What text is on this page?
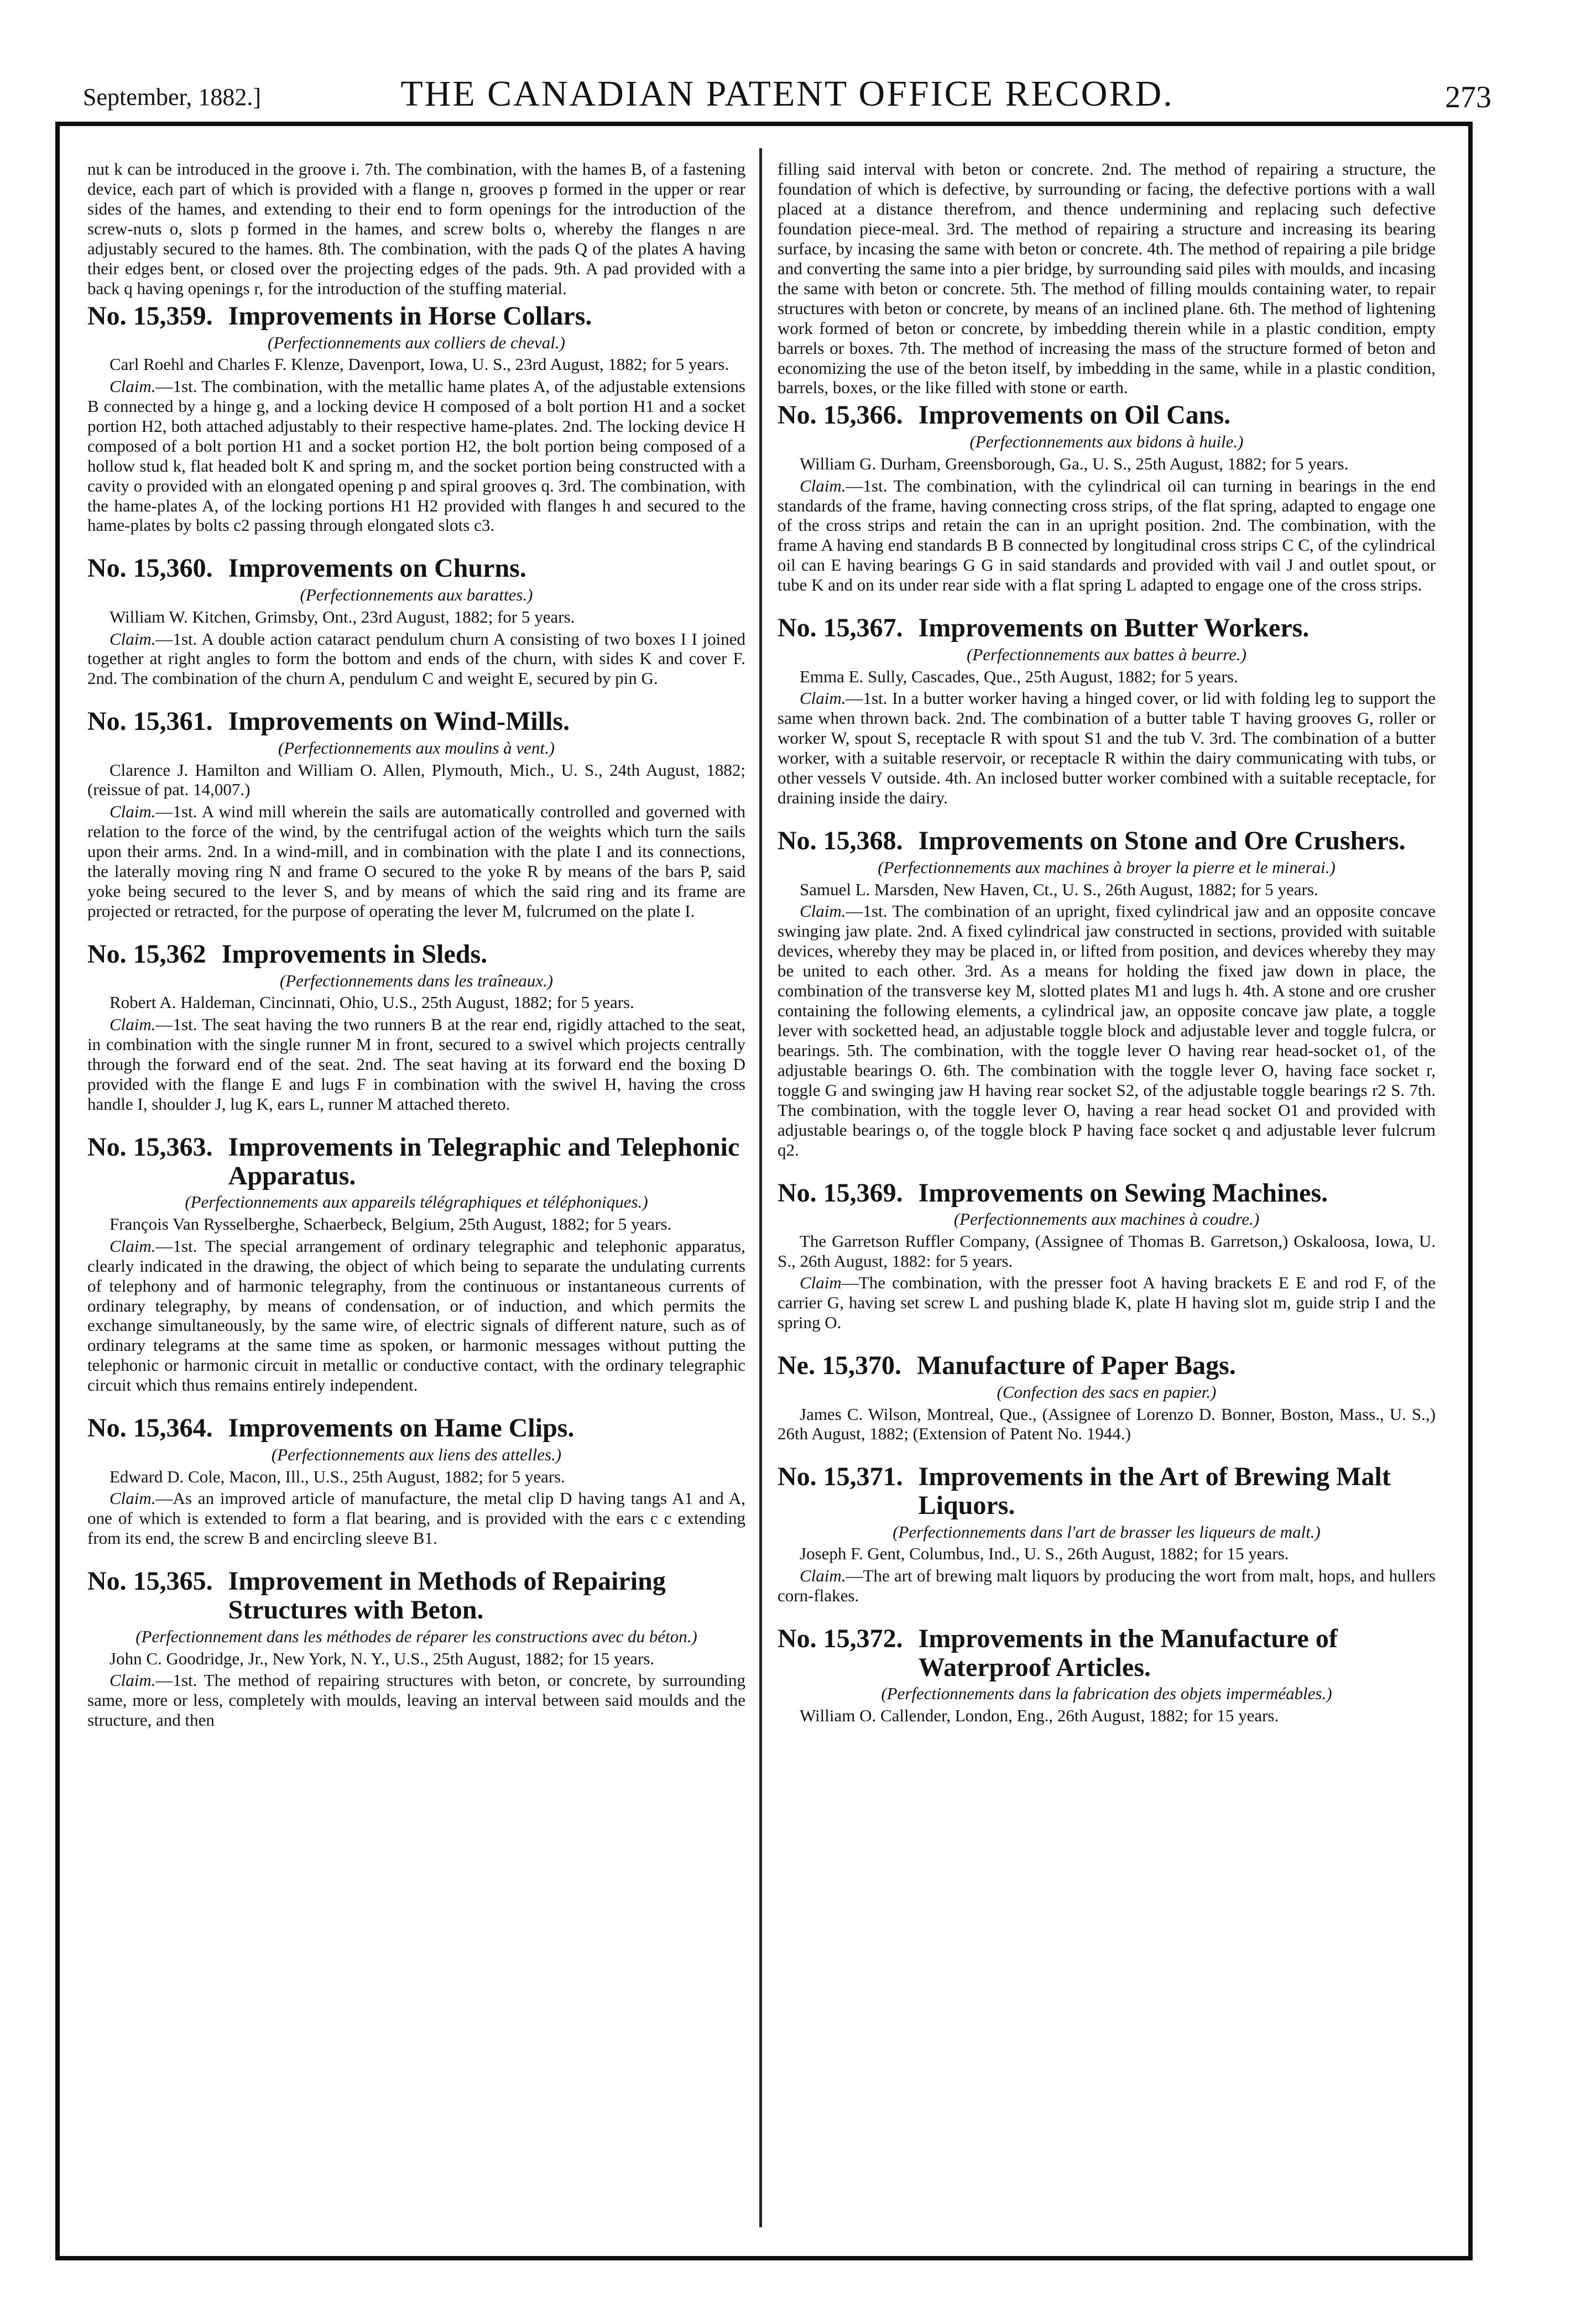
September, 1882.]	THE CANADIAN PATENT OFFICE RECORD.	273

nut k can be introduced in the groove i. 7th. The combination, with the hames B, of a fastening device, each part of which is provided with a flange n, grooves p formed in the upper or rear sides of the hames, and extending to their end to form openings for the introduction of the screw-nuts o, slots p formed in the hames, and screw bolts o, whereby the flanges n are adjustably secured to the hames. 8th. The combination, with the pads Q of the plates A having their edges bent, or closed over the projecting edges of the pads. 9th. A pad provided with a back q having openings r, for the introduction of the stuffing material.

No. 15,359. Improvements in Horse Collars.
(Perfectionnements aux colliers de cheval.)
Carl Roehl and Charles F. Klenze, Davenport, Iowa, U. S., 23rd August, 1882; for 5 years.

Claim.—1st. The combination, with the metallic hame plates A, of the adjustable extensions B connected by a hinge g, and a locking device H composed of a bolt portion H1 and a socket portion H2, both attached adjustably to their respective hame-plates. 2nd. The locking device H composed of a bolt portion H1 and a socket portion H2, the bolt portion being composed of a hollow stud k, flat headed bolt K and spring m, and the socket portion being constructed with a cavity o provided with an elongated opening p and spiral grooves q. 3rd. The combination, with the hame-plates A, of the locking portions H1 H2 provided with flanges h and secured to the hame-plates by bolts c2 passing through elongated slots c3.

No. 15,360. Improvements on Churns.
(Perfectionnements aux barattes.)
William W. Kitchen, Grimsby, Ont., 23rd August, 1882; for 5 years.

Claim.—1st. A double action cataract pendulum churn A consisting of two boxes I I joined together at right angles to form the bottom and ends of the churn, with sides K and cover F. 2nd. The combination of the churn A, pendulum C and weight E, secured by pin G.

No. 15,361. Improvements on Wind-Mills.
(Perfectionnements aux moulins à vent.)
Clarence J. Hamilton and William O. Allen, Plymouth, Mich., U. S., 24th August, 1882; (reissue of pat. 14,007.)

Claim.—1st. A wind mill wherein the sails are automatically controlled and governed with relation to the force of the wind, by the centrifugal action of the weights which turn the sails upon their arms. 2nd. In a wind-mill, and in combination with the plate I and its connections, the laterally moving ring N and frame O secured to the yoke R by means of the bars P, said yoke being secured to the lever S, and by means of which the said ring and its frame are projected or retracted, for the purpose of operating the lever M, fulcrumed on the plate I.

No. 15,362 Improvements in Sleds.
(Perfectionnements dans les traîneaux.)
Robert A. Haldeman, Cincinnati, Ohio, U.S., 25th August, 1882; for 5 years.

Claim.—1st. The seat having the two runners B at the rear end, rigidly attached to the seat, in combination with the single runner M in front, secured to a swivel which projects centrally through the forward end of the seat. 2nd. The seat having at its forward end the boxing D provided with the flange E and lugs F in combination with the swivel H, having the cross handle I, shoulder J, lug K, ears L, runner M attached thereto.

No. 15,363. Improvements in Telegraphic and Telephonic Apparatus.
(Perfectionnements aux appareils télégraphiques et téléphoniques.)
François Van Rysselberghe, Schaerbeck, Belgium, 25th August, 1882; for 5 years.

Claim.—1st. The special arrangement of ordinary telegraphic and telephonic apparatus, clearly indicated in the drawing, the object of which being to separate the undulating currents of telephony and of harmonic telegraphy, from the continuous or instantaneous currents of ordinary telegraphy, by means of condensation, or of induction, and which permits the exchange simultaneously, by the same wire, of electric signals of different nature, such as of ordinary telegrams at the same time as spoken, or harmonic messages without putting the telephonic or harmonic circuit in metallic or conductive contact, with the ordinary telegraphic circuit which thus remains entirely independent.

No. 15,364. Improvements on Hame Clips.
(Perfectionnements aux liens des attelles.)
Edward D. Cole, Macon, Ill., U.S., 25th August, 1882; for 5 years.

Claim.—As an improved article of manufacture, the metal clip D having tangs A1 and A, one of which is extended to form a flat bearing, and is provided with the ears c c extending from its end, the screw B and encircling sleeve B1.

No. 15,365. Improvement in Methods of Repairing Structures with Beton.
(Perfectionnement dans les méthodes de réparer les constructions avec du béton.)
John C. Goodridge, Jr., New York, N. Y., U.S., 25th August, 1882; for 15 years.

Claim.—1st. The method of repairing structures with beton, or concrete, by surrounding same, more or less, completely with moulds, leaving an interval between said moulds and the structure, and then

filling said interval with beton or concrete. 2nd. The method of repairing a structure, the foundation of which is defective, by surrounding or facing, the defective portions with a wall placed at a distance therefrom, and thence undermining and replacing such defective foundation piece-meal. 3rd. The method of repairing a structure and increasing its bearing surface, by incasing the same with beton or concrete. 4th. The method of repairing a pile bridge and converting the same into a pier bridge, by surrounding said piles with moulds, and incasing the same with beton or concrete. 5th. The method of filling moulds containing water, to repair structures with beton or concrete, by means of an inclined plane. 6th. The method of lightening work formed of beton or concrete, by imbedding therein while in a plastic condition, empty barrels or boxes. 7th. The method of increasing the mass of the structure formed of beton and economizing the use of the beton itself, by imbedding in the same, while in a plastic condition, barrels, boxes, or the like filled with stone or earth.

No. 15,366. Improvements on Oil Cans.
(Perfectionnements aux bidons à huile.)
William G. Durham, Greensborough, Ga., U. S., 25th August, 1882; for 5 years.

Claim.—1st. The combination, with the cylindrical oil can turning in bearings in the end standards of the frame, having connecting cross strips, of the flat spring, adapted to engage one of the cross strips and retain the can in an upright position. 2nd. The combination, with the frame A having end standards B B connected by longitudinal cross strips C C, of the cylindrical oil can E having bearings G G in said standards and provided with vail J and outlet spout, or tube K and on its under rear side with a flat spring L adapted to engage one of the cross strips.

No. 15,367. Improvements on Butter Workers.
(Perfectionnements aux battes à beurre.)
Emma E. Sully, Cascades, Que., 25th August, 1882; for 5 years.

Claim.—1st. In a butter worker having a hinged cover, or lid with folding leg to support the same when thrown back. 2nd. The combination of a butter table T having grooves G, roller or worker W, spout S, receptacle R with spout S1 and the tub V. 3rd. The combination of a butter worker, with a suitable reservoir, or receptacle R within the dairy communicating with tubs, or other vessels V outside. 4th. An inclosed butter worker combined with a suitable receptacle, for draining inside the dairy.

No. 15,368. Improvements on Stone and Ore Crushers.
(Perfectionnements aux machines à broyer la pierre et le minerai.)
Samuel L. Marsden, New Haven, Ct., U. S., 26th August, 1882; for 5 years.

Claim.—1st. The combination of an upright, fixed cylindrical jaw and an opposite concave swinging jaw plate. 2nd. A fixed cylindrical jaw constructed in sections, provided with suitable devices, whereby they may be placed in, or lifted from position, and devices whereby they may be united to each other. 3rd. As a means for holding the fixed jaw down in place, the combination of the transverse key M, slotted plates M1 and lugs h. 4th. A stone and ore crusher containing the following elements, a cylindrical jaw, an opposite concave jaw plate, a toggle lever with socketted head, an adjustable toggle block and adjustable lever and toggle fulcra, or bearings. 5th. The combination, with the toggle lever O having rear head-socket o1, of the adjustable bearings O. 6th. The combination with the toggle lever O, having face socket r, toggle G and swinging jaw H having rear socket S2, of the adjustable toggle bearings r2 S. 7th. The combination, with the toggle lever O, having a rear head socket O1 and provided with adjustable bearings o, of the toggle block P having face socket q and adjustable lever fulcrum q2.

No. 15,369. Improvements on Sewing Machines.
(Perfectionnements aux machines à coudre.)
The Garretson Ruffler Company, (Assignee of Thomas B. Garretson,) Oskaloosa, Iowa, U. S., 26th August, 1882: for 5 years.

Claim—The combination, with the presser foot A having brackets E E and rod F, of the carrier G, having set screw L and pushing blade K, plate H having slot m, guide strip I and the spring O.

Ne. 15,370. Manufacture of Paper Bags.
(Confection des sacs en papier.)
James C. Wilson, Montreal, Que., (Assignee of Lorenzo D. Bonner, Boston, Mass., U. S.,) 26th August, 1882; (Extension of Patent No. 1944.)
No. 15,371. Improvements in the Art of Brewing Malt Liquors.
(Perfectionnements dans l'art de brasser les liqueurs de malt.)
Joseph F. Gent, Columbus, Ind., U. S., 26th August, 1882; for 15 years.

Claim.—The art of brewing malt liquors by producing the wort from malt, hops, and hullers corn-flakes.

No. 15,372. Improvements in the Manufacture of Waterproof Articles.
(Perfectionnements dans la fabrication des objets imperméables.)
William O. Callender, London, Eng., 26th August, 1882; for 15 years.
